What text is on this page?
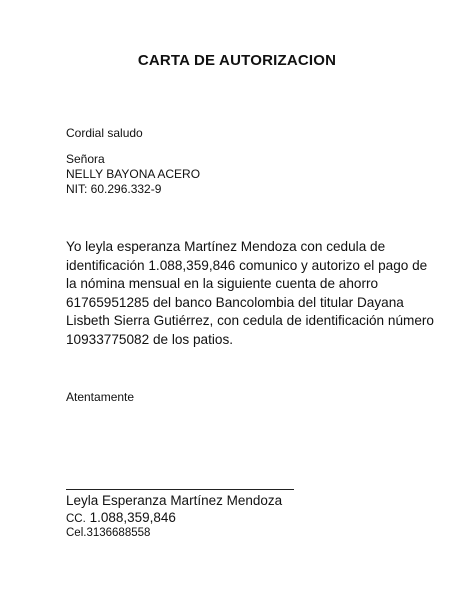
CARTA DE AUTORIZACION

Cordial saludo

Señora
NELLY BAYONA ACERO
NIT: 60.296.332-9
Yo leyla esperanza Martínez Mendoza con cedula de
identificación 1.088,359,846 comunico y autorizo el pago de
la nómina mensual en la siguiente cuenta de ahorro
61765951285 del banco Bancolombia del titular Dayana
Lisbeth Sierra Gutiérrez, con cedula de identificación número
10933775082 de los patios.

Atentamente

Leyla Esperanza Martínez Mendoza
CC. 1.088,359,846
Cel.3136688558
